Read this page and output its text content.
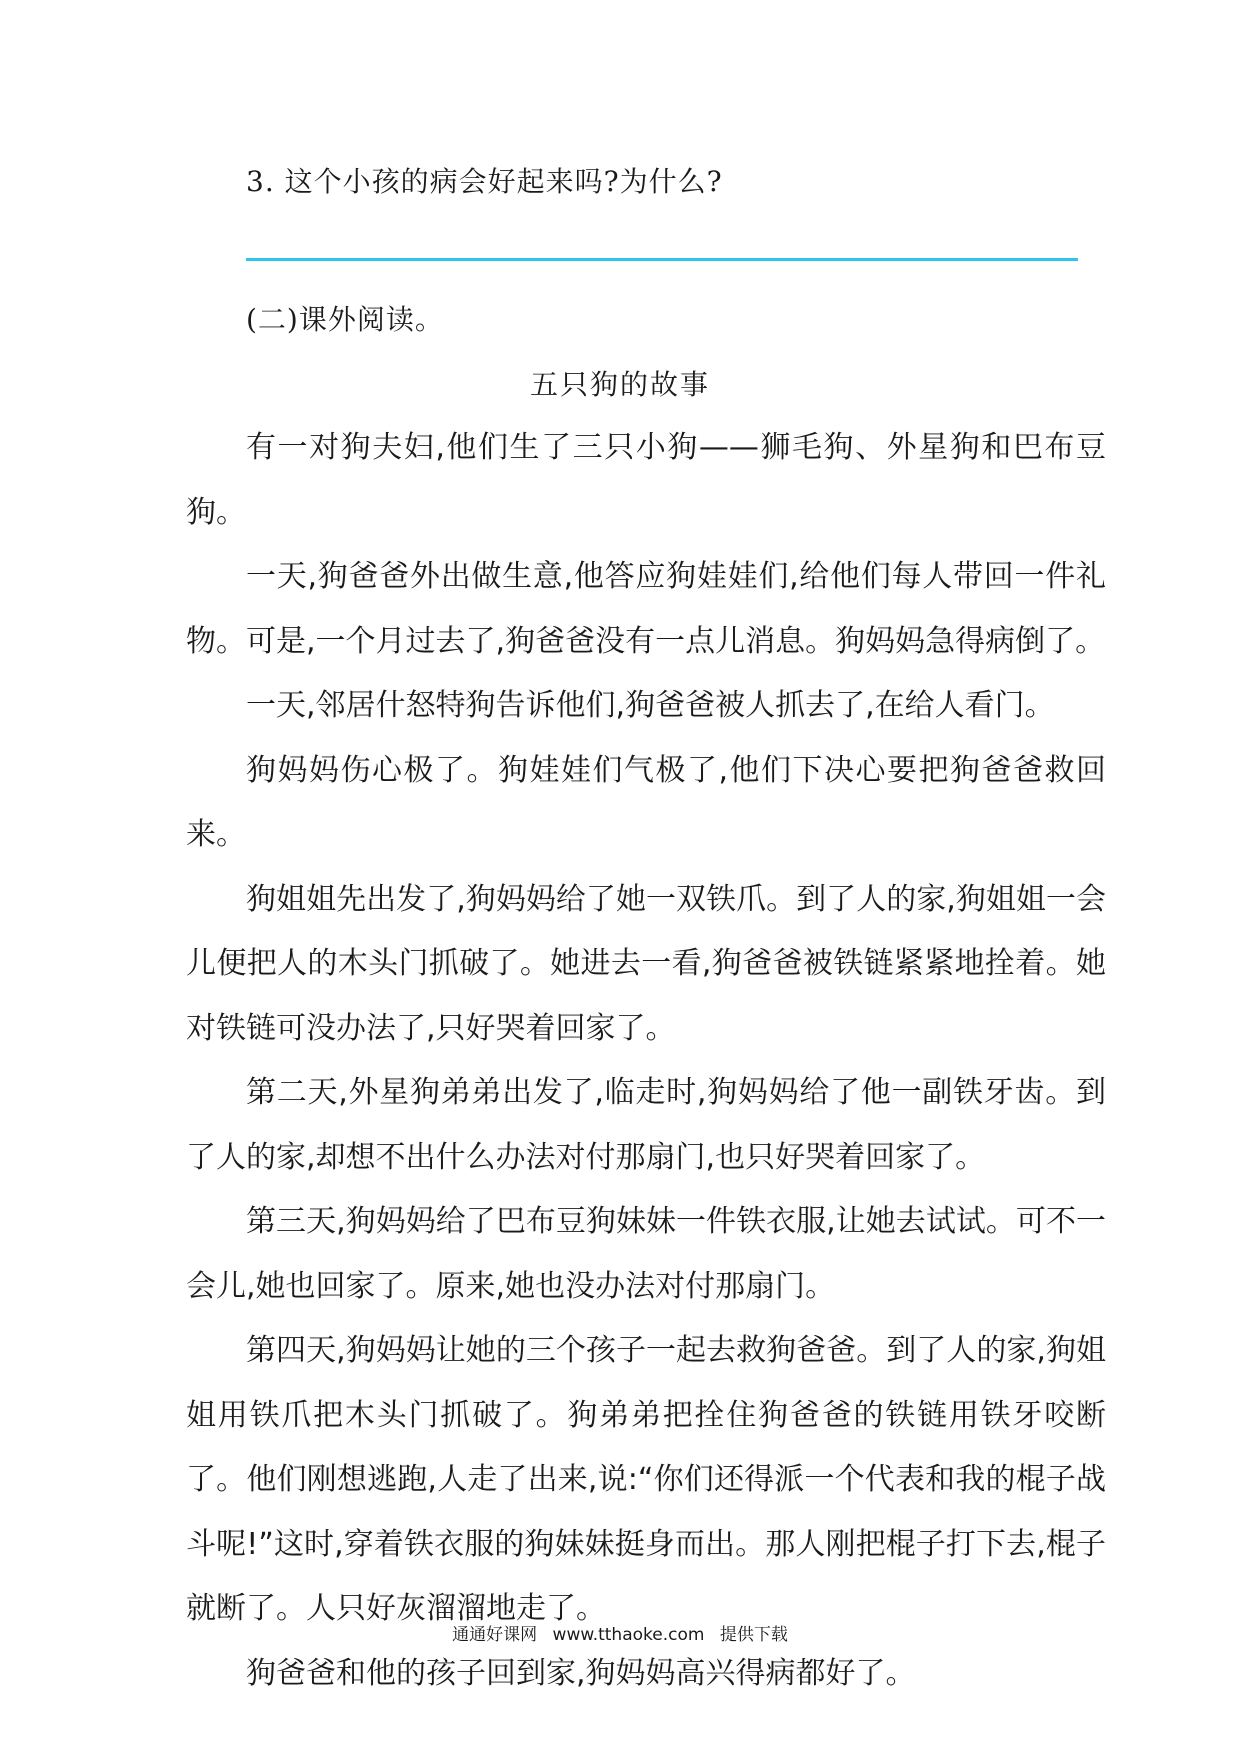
3. 这个小孩的病会好起来吗?为什么?
(二)课外阅读。
五只狗的故事

有一对狗夫妇,他们生了三只小狗——狮毛狗、外星狗和巴布豆狗。

一天,狗爸爸外出做生意,他答应狗娃娃们,给他们每人带回一件礼物。可是,一个月过去了,狗爸爸没有一点儿消息。狗妈妈急得病倒了。

一天,邻居什怒特狗告诉他们,狗爸爸被人抓去了,在给人看门。

狗妈妈伤心极了。狗娃娃们气极了,他们下决心要把狗爸爸救回来。

狗姐姐先出发了,狗妈妈给了她一双铁爪。到了人的家,狗姐姐一会儿便把人的木头门抓破了。她进去一看,狗爸爸被铁链紧紧地拴着。她对铁链可没办法了,只好哭着回家了。

第二天,外星狗弟弟出发了,临走时,狗妈妈给了他一副铁牙齿。到了人的家,却想不出什么办法对付那扇门,也只好哭着回家了。

第三天,狗妈妈给了巴布豆狗妹妹一件铁衣服,让她去试试。可不一会儿,她也回家了。原来,她也没办法对付那扇门。

第四天,狗妈妈让她的三个孩子一起去救狗爸爸。到了人的家,狗姐姐用铁爪把木头门抓破了。狗弟弟把拴住狗爸爸的铁链用铁牙咬断了。他们刚想逃跑,人走了出来,说:“你们还得派一个代表和我的棍子战斗呢!”这时,穿着铁衣服的狗妹妹挺身而出。那人刚把棍子打下去,棍子就断了。人只好灰溜溜地走了。

狗爸爸和他的孩子回到家,狗妈妈高兴得病都好了。

通通好课网 www.tthaoke.com 提供下载
